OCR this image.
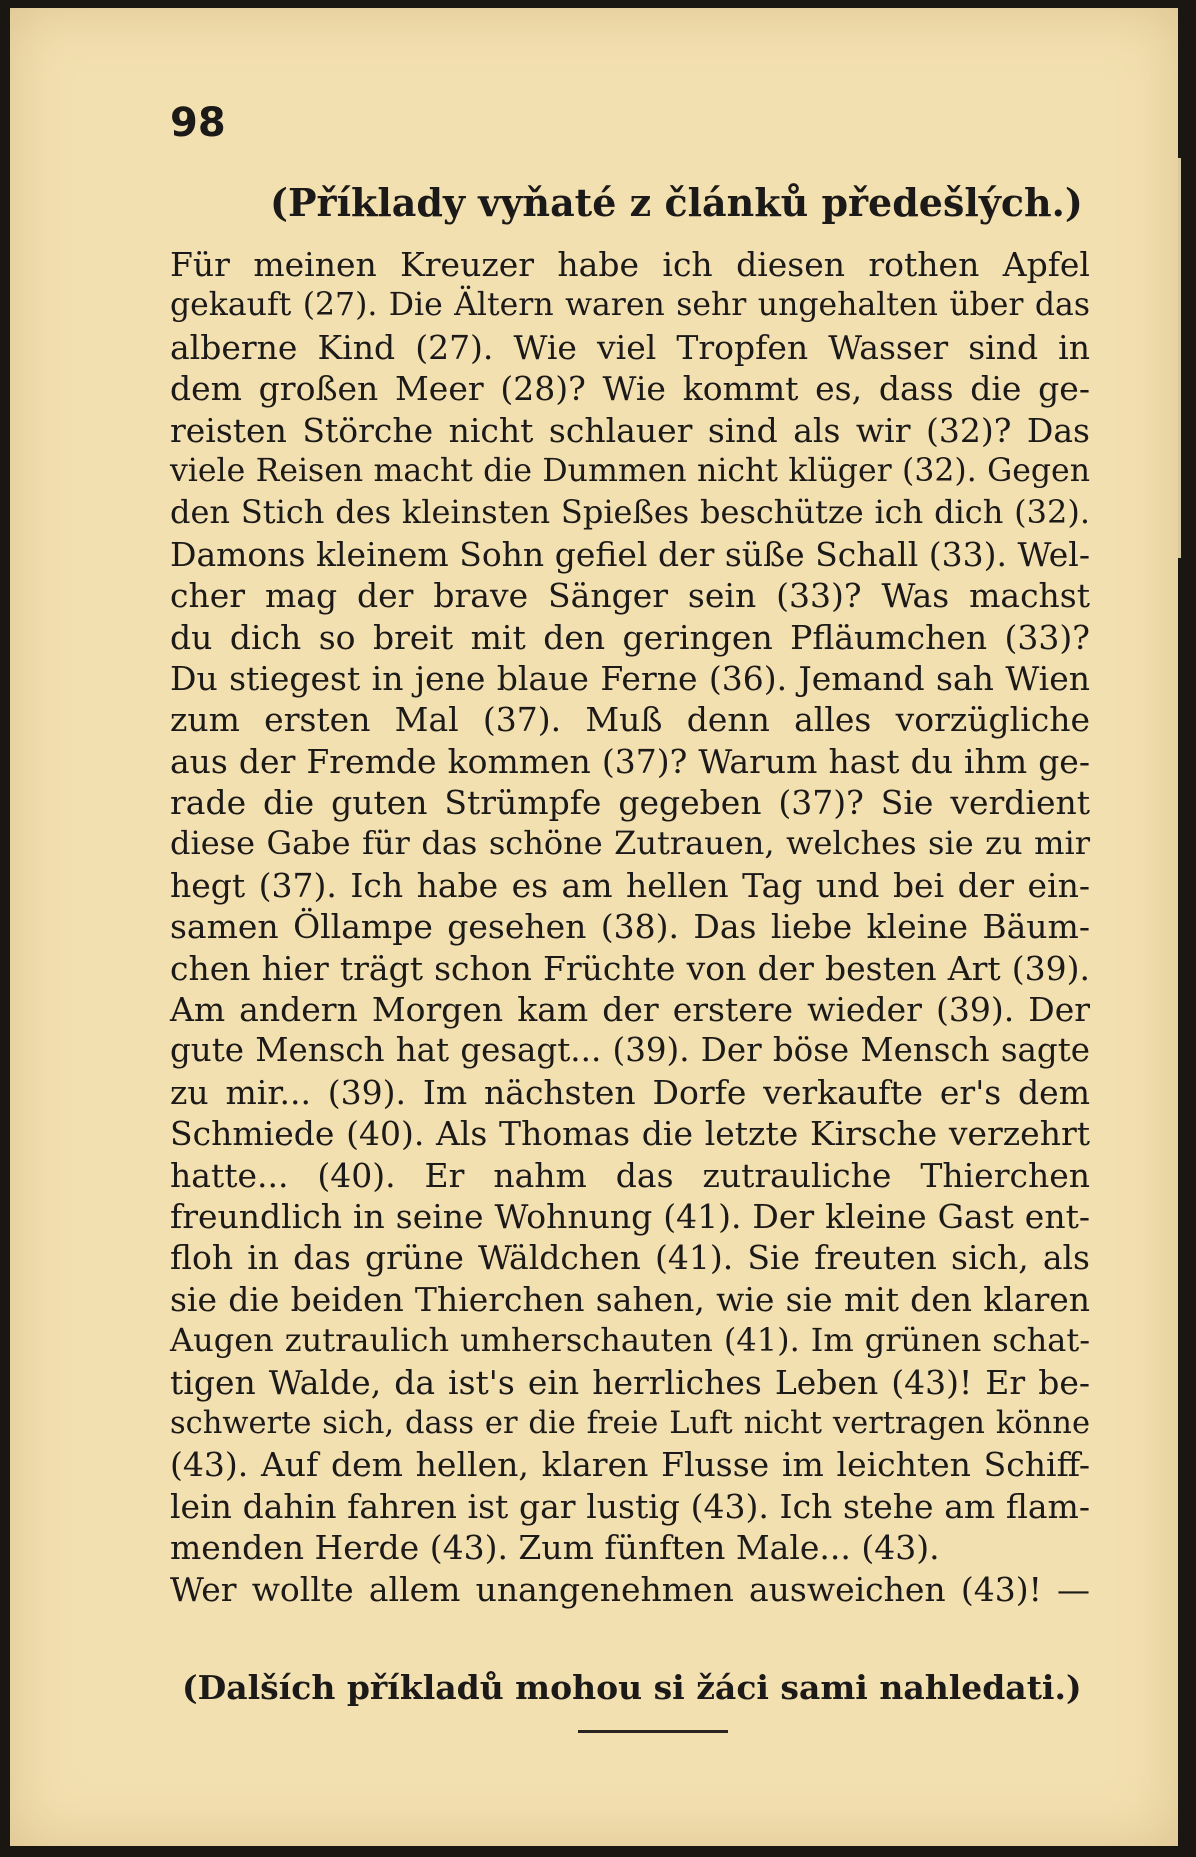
98
(Příklady vyňaté z článků předešlých.)
Für meinen Kreuzer habe ich diesen rothen Apfel
gekauft (27). Die Ältern waren sehr ungehalten über das
alberne Kind (27). Wie viel Tropfen Wasser sind in
dem großen Meer (28)? Wie kommt es, dass die ge-
reisten Störche nicht schlauer sind als wir (32)? Das
viele Reisen macht die Dummen nicht klüger (32). Gegen
den Stich des kleinsten Spießes beschütze ich dich (32).
Damons kleinem Sohn gefiel der süße Schall (33). Wel-
cher mag der brave Sänger sein (33)? Was machst
du dich so breit mit den geringen Pfläumchen (33)?
Du stiegest in jene blaue Ferne (36). Jemand sah Wien
zum ersten Mal (37). Muß denn alles vorzügliche
aus der Fremde kommen (37)? Warum hast du ihm ge-
rade die guten Strümpfe gegeben (37)? Sie verdient
diese Gabe für das schöne Zutrauen, welches sie zu mir
hegt (37). Ich habe es am hellen Tag und bei der ein-
samen Öllampe gesehen (38). Das liebe kleine Bäum-
chen hier trägt schon Früchte von der besten Art (39).
Am andern Morgen kam der erstere wieder (39). Der
gute Mensch hat gesagt... (39). Der böse Mensch sagte
zu mir... (39). Im nächsten Dorfe verkaufte er's dem
Schmiede (40). Als Thomas die letzte Kirsche verzehrt
hatte... (40). Er nahm das zutrauliche Thierchen
freundlich in seine Wohnung (41). Der kleine Gast ent-
floh in das grüne Wäldchen (41). Sie freuten sich, als
sie die beiden Thierchen sahen, wie sie mit den klaren
Augen zutraulich umherschauten (41). Im grünen schat-
tigen Walde, da ist's ein herrliches Leben (43)! Er be-
schwerte sich, dass er die freie Luft nicht vertragen könne
(43). Auf dem hellen, klaren Flusse im leichten Schiff-
lein dahin fahren ist gar lustig (43). Ich stehe am flam-
menden Herde (43). Zum fünften Male... (43).
Wer wollte allem unangenehmen ausweichen (43)! —
(Dalších příkladů mohou si žáci sami nahledati.)
